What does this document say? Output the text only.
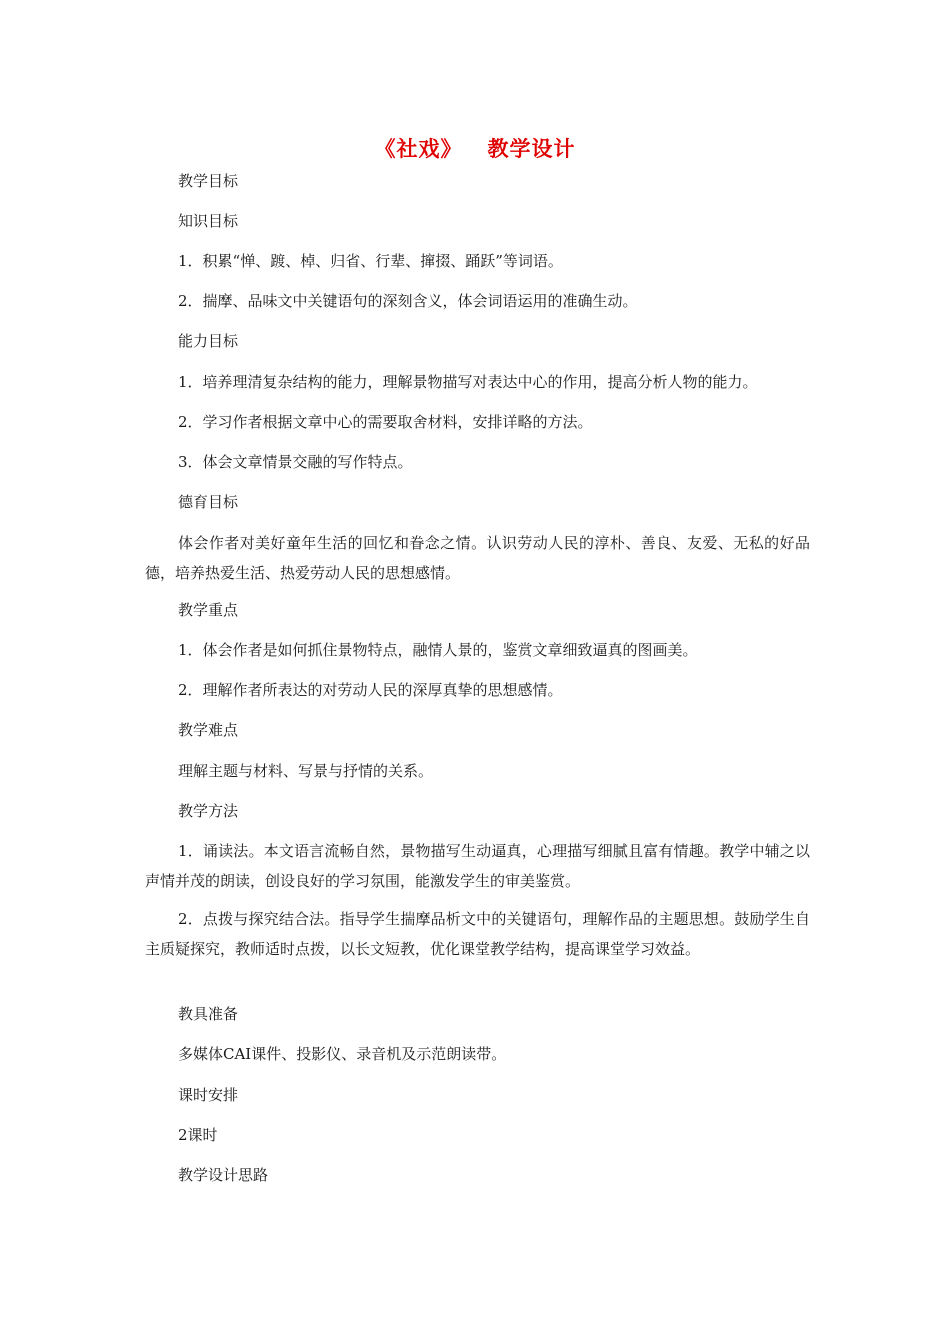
《社戏》   教学设计
教学目标
知识目标
1．积累“惮、踱、棹、归省、行辈、撺掇、踊跃”等词语。
2．揣摩、品味文中关键语句的深刻含义，体会词语运用的准确生动。
能力目标
1．培养理清复杂结构的能力，理解景物描写对表达中心的作用，提高分析人物的能力。
2．学习作者根据文章中心的需要取舍材料，安排详略的方法。
3．体会文章情景交融的写作特点。
德育目标
体会作者对美好童年生活的回忆和眷念之情。认识劳动人民的淳朴、善良、友爱、无私的好品德，培养热爱生活、热爱劳动人民的思想感情。
教学重点
1．体会作者是如何抓住景物特点，融情人景的，鉴赏文章细致逼真的图画美。
2．理解作者所表达的对劳动人民的深厚真挚的思想感情。
教学难点
理解主题与材料、写景与抒情的关系。
教学方法
1．诵读法。本文语言流畅自然，景物描写生动逼真，心理描写细腻且富有情趣。教学中辅之以声情并茂的朗读，创设良好的学习氛围，能激发学生的审美鉴赏。
2．点拨与探究结合法。指导学生揣摩品析文中的关键语句，理解作品的主题思想。鼓励学生自主质疑探究，教师适时点拨，以长文短教，优化课堂教学结构，提高课堂学习效益。
教具准备
多媒体CAI课件、投影仪、录音机及示范朗读带。
课时安排
2课时
教学设计思路
